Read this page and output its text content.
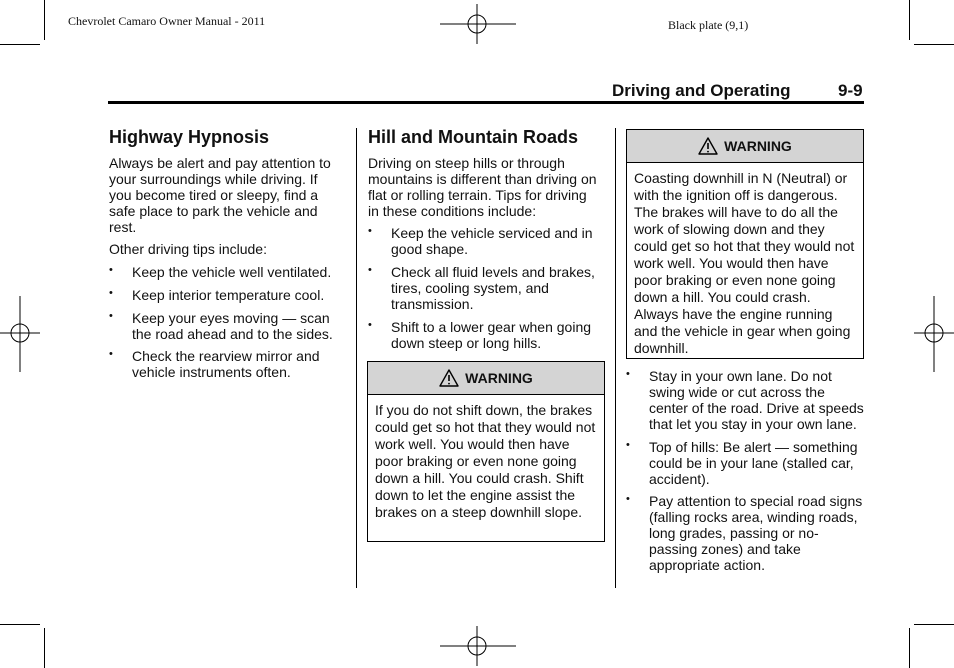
Chevrolet Camaro Owner Manual - 2011	Black plate (9,1)
Driving and Operating	9-9
Highway Hypnosis

Always be alert and pay attention to your surroundings while driving. If you become tired or sleepy, find a safe place to park the vehicle and rest.

Other driving tips include:

• Keep the vehicle well ventilated.
• Keep interior temperature cool.
• Keep your eyes moving — scan the road ahead and to the sides.
• Check the rearview mirror and vehicle instruments often.
Hill and Mountain Roads

Driving on steep hills or through mountains is different than driving on flat or rolling terrain. Tips for driving in these conditions include:

• Keep the vehicle serviced and in good shape.
• Check all fluid levels and brakes, tires, cooling system, and transmission.
• Shift to a lower gear when going down steep or long hills.
WARNING
If you do not shift down, the brakes could get so hot that they would not work well. You would then have poor braking or even none going down a hill. You could crash. Shift down to let the engine assist the brakes on a steep downhill slope.
WARNING
Coasting downhill in N (Neutral) or with the ignition off is dangerous. The brakes will have to do all the work of slowing down and they could get so hot that they would not work well. You would then have poor braking or even none going down a hill. You could crash. Always have the engine running and the vehicle in gear when going downhill.
• Stay in your own lane. Do not swing wide or cut across the center of the road. Drive at speeds that let you stay in your own lane.
• Top of hills: Be alert — something could be in your lane (stalled car, accident).
• Pay attention to special road signs (falling rocks area, winding roads, long grades, passing or no-passing zones) and take appropriate action.
